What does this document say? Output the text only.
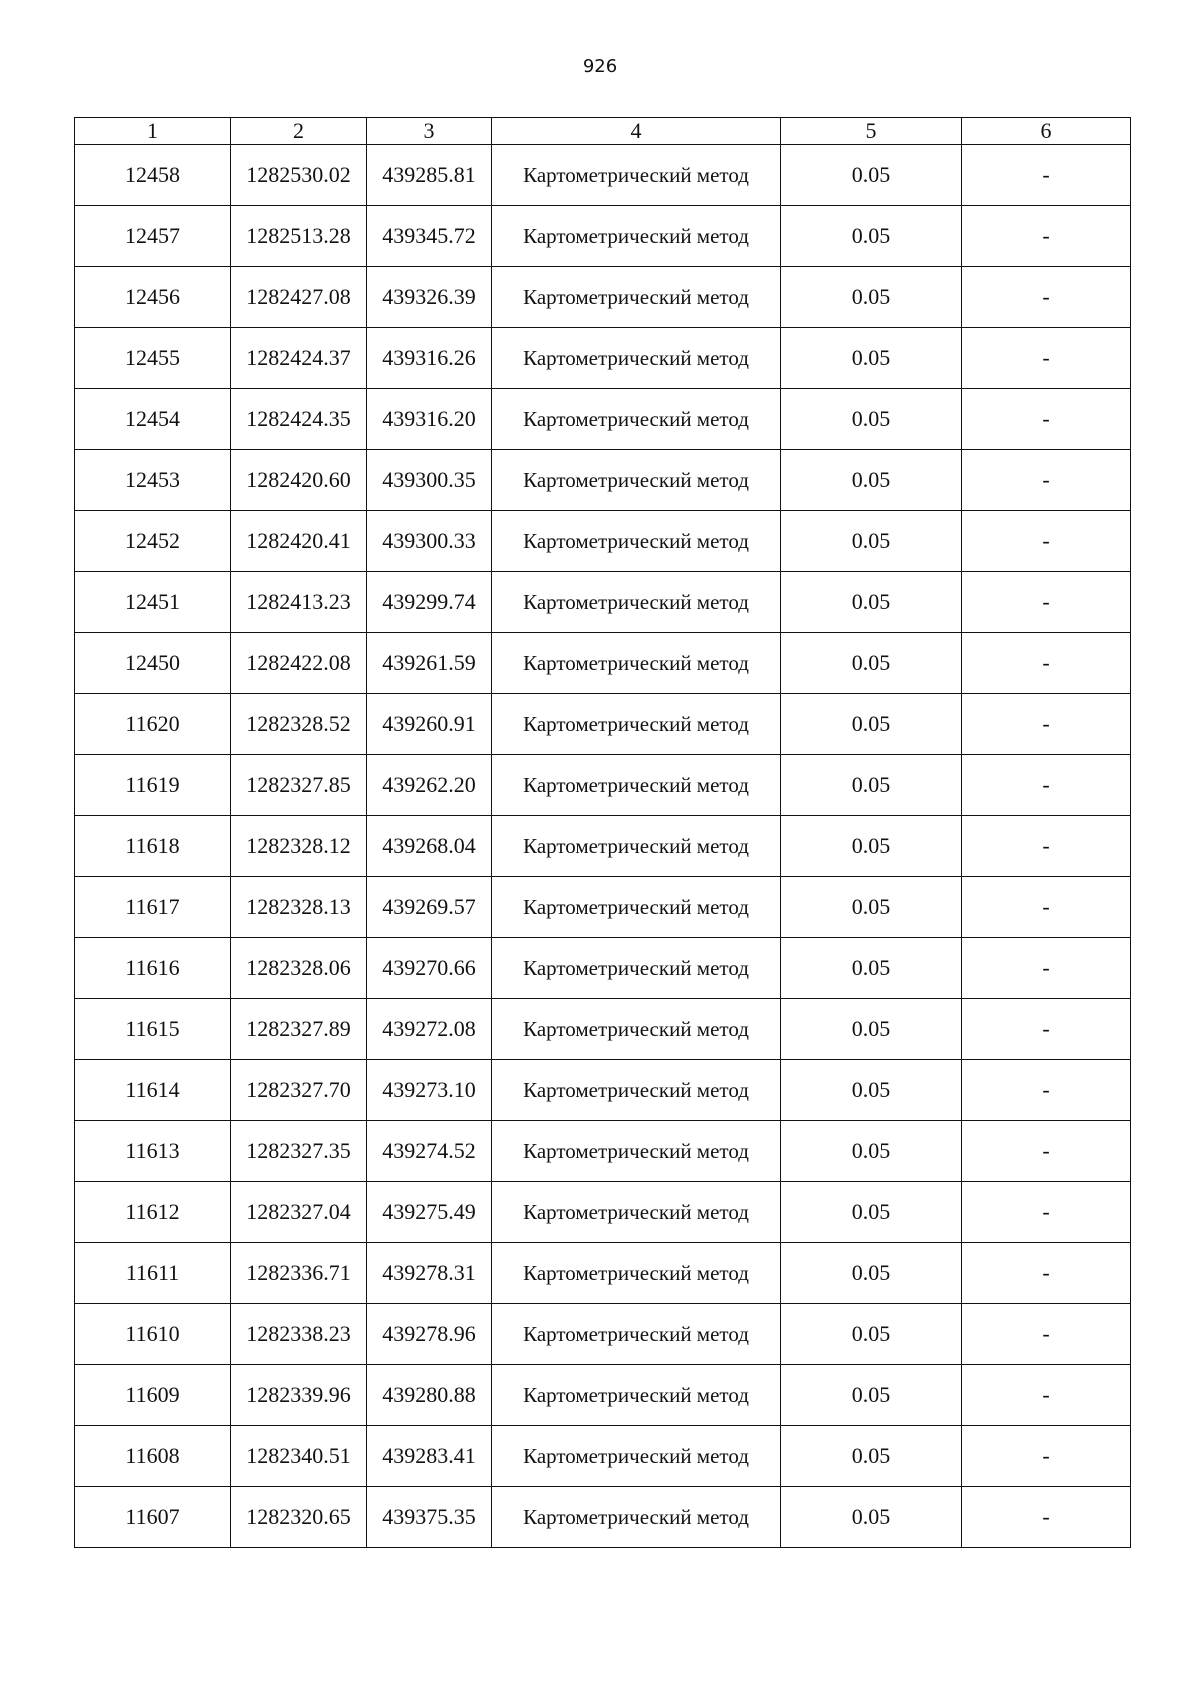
926
1	2	3	4	5	6
12458	1282530.02	439285.81	Картометрический метод	0.05	-
12457	1282513.28	439345.72	Картометрический метод	0.05	-
12456	1282427.08	439326.39	Картометрический метод	0.05	-
12455	1282424.37	439316.26	Картометрический метод	0.05	-
12454	1282424.35	439316.20	Картометрический метод	0.05	-
12453	1282420.60	439300.35	Картометрический метод	0.05	-
12452	1282420.41	439300.33	Картометрический метод	0.05	-
12451	1282413.23	439299.74	Картометрический метод	0.05	-
12450	1282422.08	439261.59	Картометрический метод	0.05	-
11620	1282328.52	439260.91	Картометрический метод	0.05	-
11619	1282327.85	439262.20	Картометрический метод	0.05	-
11618	1282328.12	439268.04	Картометрический метод	0.05	-
11617	1282328.13	439269.57	Картометрический метод	0.05	-
11616	1282328.06	439270.66	Картометрический метод	0.05	-
11615	1282327.89	439272.08	Картометрический метод	0.05	-
11614	1282327.70	439273.10	Картометрический метод	0.05	-
11613	1282327.35	439274.52	Картометрический метод	0.05	-
11612	1282327.04	439275.49	Картометрический метод	0.05	-
11611	1282336.71	439278.31	Картометрический метод	0.05	-
11610	1282338.23	439278.96	Картометрический метод	0.05	-
11609	1282339.96	439280.88	Картометрический метод	0.05	-
11608	1282340.51	439283.41	Картометрический метод	0.05	-
11607	1282320.65	439375.35	Картометрический метод	0.05	-
